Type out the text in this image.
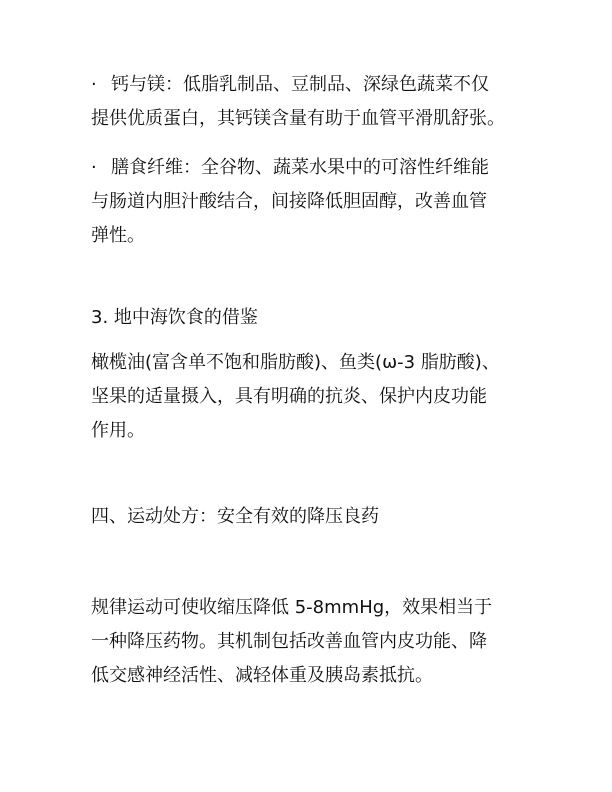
· 钙与镁：低脂乳制品、豆制品、深绿色蔬菜不仅
提供优质蛋白，其钙镁含量有助于血管平滑肌舒张。

· 膳食纤维：全谷物、蔬菜水果中的可溶性纤维能
与肠道内胆汁酸结合，间接降低胆固醇，改善血管
弹性。

3. 地中海饮食的借鉴

橄榄油(富含单不饱和脂肪酸)、鱼类(ω-3 脂肪酸)、
坚果的适量摄入，具有明确的抗炎、保护内皮功能
作用。

四、运动处方：安全有效的降压良药

规律运动可使收缩压降低 5-8mmHg，效果相当于
一种降压药物。其机制包括改善血管内皮功能、降
低交感神经活性、减轻体重及胰岛素抵抗。
